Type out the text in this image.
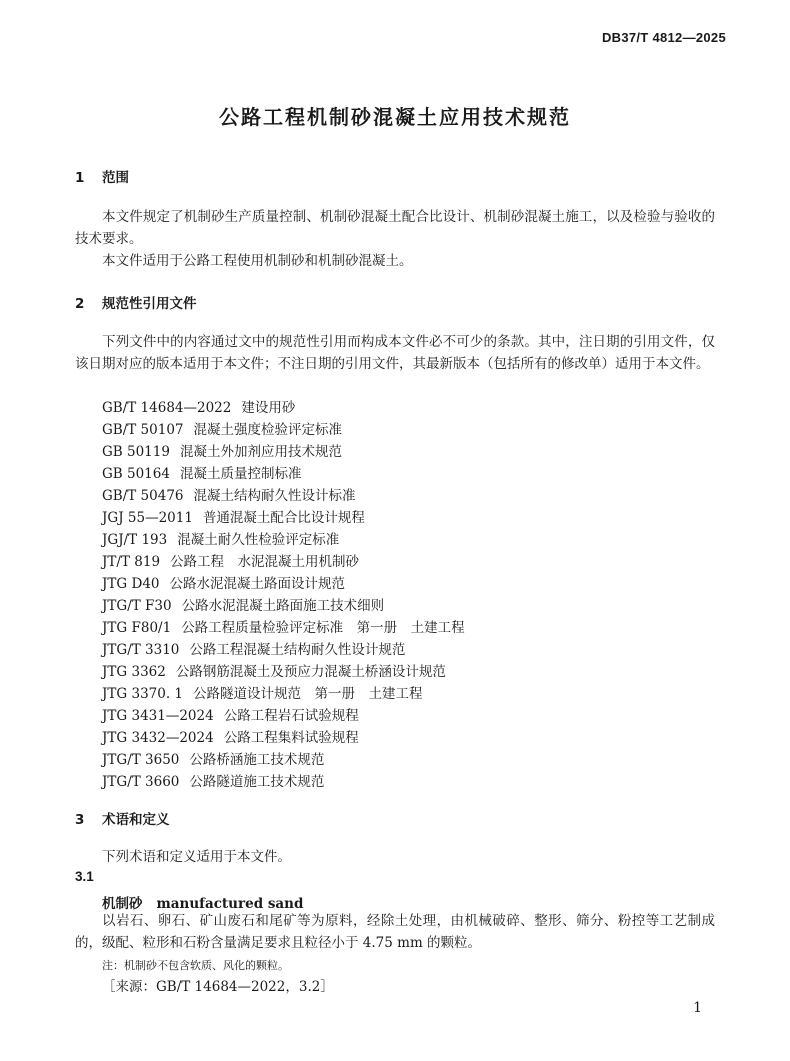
DB37/T 4812—2025
公路工程机制砂混凝土应用技术规范
1 范围

本文件规定了机制砂生产质量控制、机制砂混凝土配合比设计、机制砂混凝土施工，以及检验与验收的技术要求。

本文件适用于公路工程使用机制砂和机制砂混凝土。

2 规范性引用文件

下列文件中的内容通过文中的规范性引用而构成本文件必不可少的条款。其中，注日期的引用文件，仅该日期对应的版本适用于本文件；不注日期的引用文件，其最新版本（包括所有的修改单）适用于本文件。

GB/T 14684—2022 建设用砂
GB/T 50107 混凝土强度检验评定标准
GB 50119 混凝土外加剂应用技术规范
GB 50164 混凝土质量控制标准
GB/T 50476 混凝土结构耐久性设计标准
JGJ 55—2011 普通混凝土配合比设计规程
JGJ/T 193 混凝土耐久性检验评定标准
JT/T 819 公路工程　水泥混凝土用机制砂
JTG D40 公路水泥混凝土路面设计规范
JTG/T F30 公路水泥混凝土路面施工技术细则
JTG F80/1 公路工程质量检验评定标准　第一册　土建工程
JTG/T 3310 公路工程混凝土结构耐久性设计规范
JTG 3362 公路钢筋混凝土及预应力混凝土桥涵设计规范
JTG 3370. 1 公路隧道设计规范　第一册　土建工程
JTG 3431—2024 公路工程岩石试验规程
JTG 3432—2024 公路工程集料试验规程
JTG/T 3650 公路桥涵施工技术规范
JTG/T 3660 公路隧道施工技术规范
3 术语和定义

下列术语和定义适用于本文件。

3.1
机制砂 manufactured sand

以岩石、卵石、矿山废石和尾矿等为原料，经除土处理，由机械破碎、整形、筛分、粉控等工艺制成的，级配、粒形和石粉含量满足要求且粒径小于 4.75 mm 的颗粒。

注：机制砂不包含软质、风化的颗粒。
［来源：GB/T 14684—2022，3.2］
1
